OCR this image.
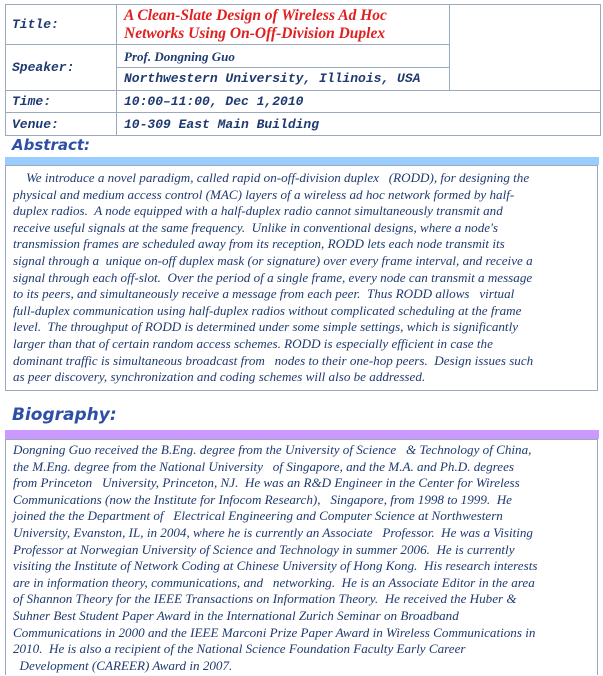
Title:	A Clean-Slate Design of Wireless Ad Hoc
Networks Using On-Off-Division Duplex	

Speaker:	Prof. Dongning Guo
Northwestern University, Illinois, USA	

Time:	10:00–11:00, Dec 1,2010	
Venue:	10-309 East Main Building	
Abstract:
We introduce a novel paradigm, called rapid on-off-division duplex   (RODD), for designing the
physical and medium access control (MAC) layers of a wireless ad hoc network formed by half-
duplex radios.  A node equipped with a half-duplex radio cannot simultaneously transmit and
receive useful signals at the same frequency.  Unlike in conventional designs, where a node's
transmission frames are scheduled away from its reception, RODD lets each node transmit its
signal through a  unique on-off duplex mask (or signature) over every frame interval, and receive a
signal through each off-slot.  Over the period of a single frame, every node can transmit a message
to its peers, and simultaneously receive a message from each peer.  Thus RODD allows   virtual
full-duplex communication using half-duplex radios without complicated scheduling at the frame
level.  The throughput of RODD is determined under some simple settings, which is significantly
larger than that of certain random access schemes. RODD is especially efficient in case the
dominant traffic is simultaneous broadcast from   nodes to their one-hop peers.  Design issues such
as peer discovery, synchronization and coding schemes will also be addressed.
Biography:
Dongning Guo received the B.Eng. degree from the University of Science   & Technology of China,
the M.Eng. degree from the National University   of Singapore, and the M.A. and Ph.D. degrees
from Princeton   University, Princeton, NJ.  He was an R&D Engineer in the Center for Wireless
Communications (now the Institute for Infocom Research),   Singapore, from 1998 to 1999.  He
joined the the Department of   Electrical Engineering and Computer Science at Northwestern
University, Evanston, IL, in 2004, where he is currently an Associate   Professor.  He was a Visiting
Professor at Norwegian University of Science and Technology in summer 2006.  He is currently
visiting the Institute of Network Coding at Chinese University of Hong Kong.  His research interests
are in information theory, communications, and   networking.  He is an Associate Editor in the area
of Shannon Theory for the IEEE Transactions on Information Theory.  He received the Huber &
Suhner Best Student Paper Award in the International Zurich Seminar on Broadband
Communications in 2000 and the IEEE Marconi Prize Paper Award in Wireless Communications in
2010.  He is also a recipient of the National Science Foundation Faculty Early Career
Development (CAREER) Award in 2007.
